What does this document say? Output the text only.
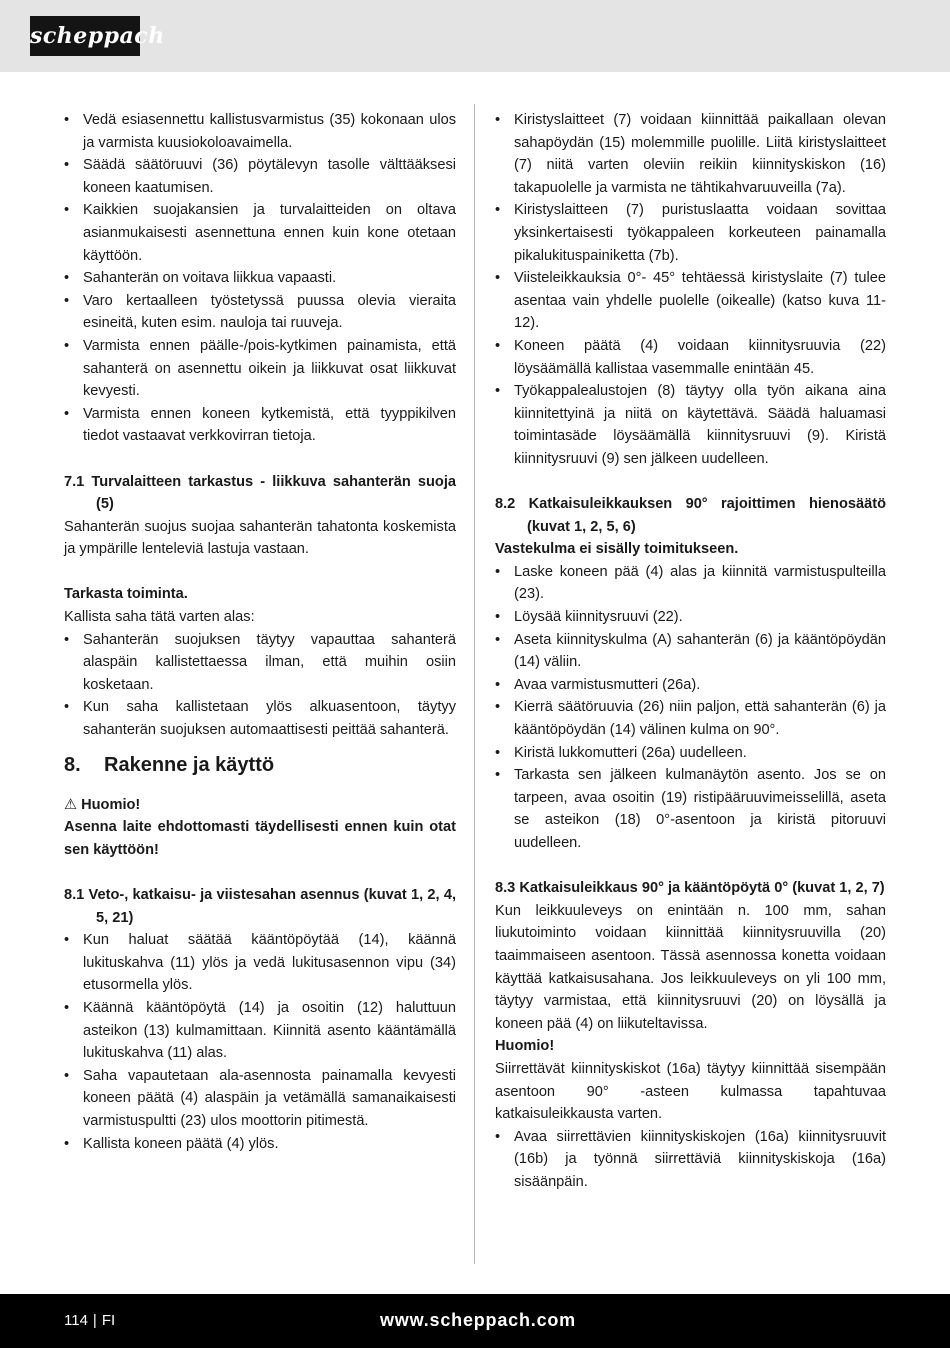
scheppach
• Vedä esiasennettu kallistusvarmistus (35) kokonaan ulos ja varmista kuusiokoloavaimella.
• Säädä säätöruuvi (36) pöytälevyn tasolle välttääksesi koneen kaatumisen.
• Kaikkien suojakansien ja turvalaitteiden on oltava asianmukaisesti asennettuna ennen kuin kone otetaan käyttöön.
• Sahanterän on voitava liikkua vapaasti.
• Varo kertaalleen työstetyssä puussa olevia vieraita esineitä, kuten esim. nauloja tai ruuveja.
• Varmista ennen päälle-/pois-kytkimen painamista, että sahanterä on asennettu oikein ja liikkuvat osat liikkuvat kevyesti.
• Varmista ennen koneen kytkemistä, että tyyppikilven tiedot vastaavat verkkovirran tietoja.

7.1 Turvalaitteen tarkastus - liikkuva sahanterän suoja (5)

Sahanterän suojus suojaa sahanterän tahatonta koskemista ja ympärille lenteleviä lastuja vastaan.

Tarkasta toiminta.

Kallista saha tätä varten alas:

• Sahanterän suojuksen täytyy vapauttaa sahanterä alaspäin kallistettaessa ilman, että muihin osiin kosketaan.
• Kun saha kallistetaan ylös alkuasentoon, täytyy sahanterän suojuksen automaattisesti peittää sahanterä.
8. Rakenne ja käyttö

⚠ Huomio!

Asenna laite ehdottomasti täydellisesti ennen kuin otat sen käyttöön!

8.1 Veto-, katkaisu- ja viistesahan asennus (kuvat 1, 2, 4, 5, 21)

• Kun haluat säätää kääntöpöytää (14), käännä lukituskahva (11) ylös ja vedä lukitusasennon vipu (34) etusormella ylös.
• Käännä kääntöpöytä (14) ja osoitin (12) haluttuun asteikon (13) kulmamittaan. Kiinnitä asento kääntämällä lukituskahva (11) alas.
• Saha vapautetaan ala-asennosta painamalla kevyesti koneen päätä (4) alaspäin ja vetämällä samanaikaisesti varmistuspultti (23) ulos moottorin pitimestä.
• Kallista koneen päätä (4) ylös.
• Kiristyslaitteet (7) voidaan kiinnittää paikallaan olevan sahapöydän (15) molemmille puolille. Liitä kiristyslaitteet (7) niitä varten oleviin reikiin kiinnityskiskon (16) takapuolelle ja varmista ne tähtikahvaruuveilla (7a).
• Kiristyslaitteen (7) puristuslaatta voidaan sovittaa yksinkertaisesti työkappaleen korkeuteen painamalla pikalukituspainiketta (7b).
• Viisteleikkauksia 0°- 45° tehtäessä kiristyslaite (7) tulee asentaa vain yhdelle puolelle (oikealle) (katso kuva 11-12).
• Koneen päätä (4) voidaan kiinnitysruuvia (22) löysäämällä kallistaa vasemmalle enintään 45.
• Työkappalealustojen (8) täytyy olla työn aikana aina kiinnitettyinä ja niitä on käytettävä. Säädä haluamasi toimintasäde löysäämällä kiinnitysruuvi (9). Kiristä kiinnitysruuvi (9) sen jälkeen uudelleen.

8.2 Katkaisuleikkauksen 90° rajoittimen hienosäätö (kuvat 1, 2, 5, 6)

Vastekulma ei sisälly toimitukseen.

• Laske koneen pää (4) alas ja kiinnitä varmistuspulteilla (23).
• Löysää kiinnitysruuvi (22).
• Aseta kiinnityskulma (A) sahanterän (6) ja kääntöpöydän (14) väliin.
• Avaa varmistusmutteri (26a).
• Kierrä säätöruuvia (26) niin paljon, että sahanterän (6) ja kääntöpöydän (14) välinen kulma on 90°.
• Kiristä lukkomutteri (26a) uudelleen.
• Tarkasta sen jälkeen kulmanäytön asento. Jos se on tarpeen, avaa osoitin (19) ristipääruuvimeisselillä, aseta se asteikon (18) 0°-asentoon ja kiristä pitoruuvi uudelleen.

8.3 Katkaisuleikkaus 90° ja kääntöpöytä 0° (kuvat 1, 2, 7)

Kun leikkuuleveys on enintään n. 100 mm, sahan liukutoiminto voidaan kiinnittää kiinnitysruuvilla (20) taaimmaiseen asentoon. Tässä asennossa konetta voidaan käyttää katkaisusahana. Jos leikkuuleveys on yli 100 mm, täytyy varmistaa, että kiinnitysruuvi (20) on löysällä ja koneen pää (4) on liikuteltavissa.

Huomio!

Siirrettävät kiinnityskiskot (16a) täytyy kiinnittää sisempään asentoon 90° -asteen kulmassa tapahtuvaa katkaisuleikkausta varten.

• Avaa siirrettävien kiinnityskiskojen (16a) kiinnitysruuvit (16b) ja työnnä siirrettäviä kiinnityskiskoja (16a) sisäänpäin.
114 | FI	www.scheppach.com
